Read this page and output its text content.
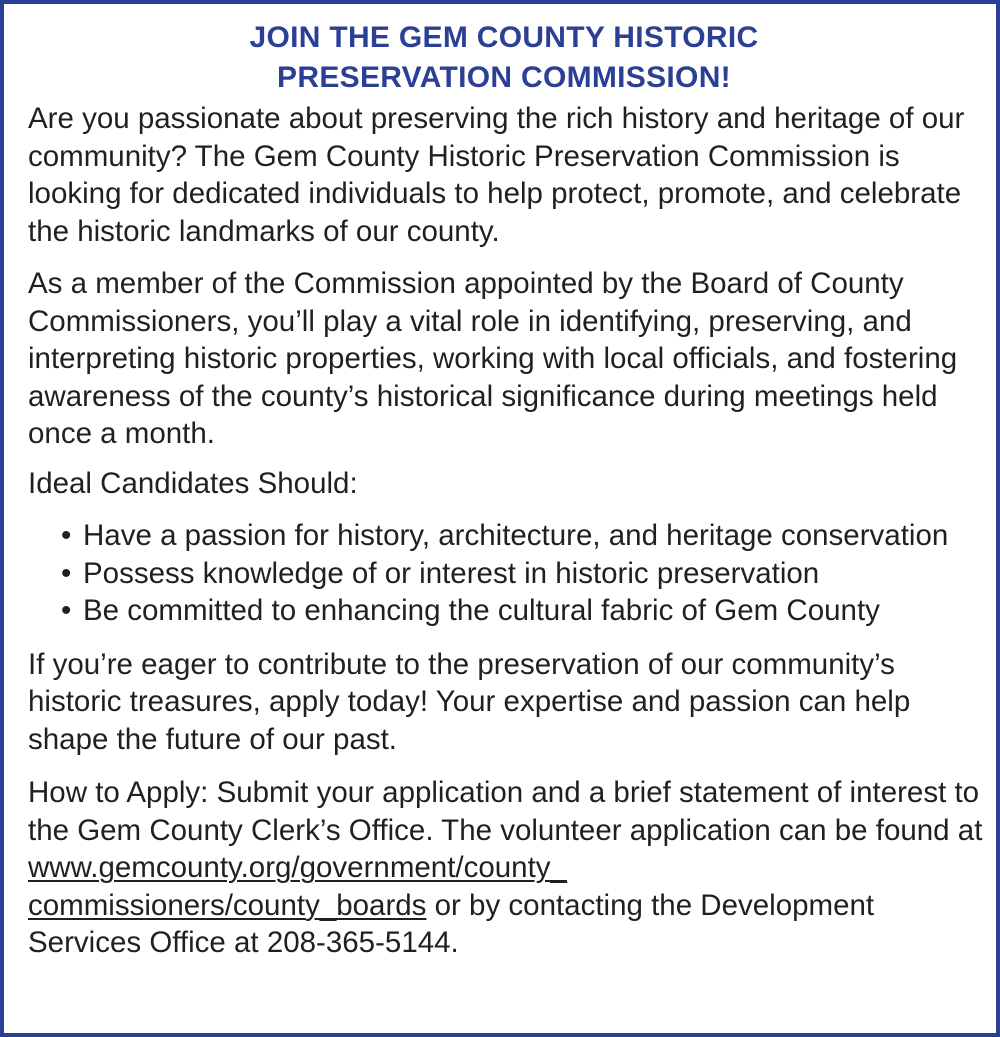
JOIN THE GEM COUNTY HISTORIC
PRESERVATION COMMISSION!

Are you passionate about preserving the rich history and heritage of our community? The Gem County Historic Preservation Commission is looking for dedicated individuals to help protect, promote, and celebrate the historic landmarks of our county.

As a member of the Commission appointed by the Board of County Commissioners, you’ll play a vital role in identifying, preserving, and interpreting historic properties, working with local officials, and fostering awareness of the county’s historical significance during meetings held once a month.

Ideal Candidates Should:

• Have a passion for history, architecture, and heritage conservation
• Possess knowledge of or interest in historic preservation
• Be committed to enhancing the cultural fabric of Gem County

If you’re eager to contribute to the preservation of our community’s historic treasures, apply today! Your expertise and passion can help shape the future of our past.

How to Apply: Submit your application and a brief statement of interest to the Gem County Clerk’s Office. The volunteer application can be found at www.gemcounty.org/government/county_
commissioners/county_boards or by contacting the Development Services Office at 208-365-5144.
